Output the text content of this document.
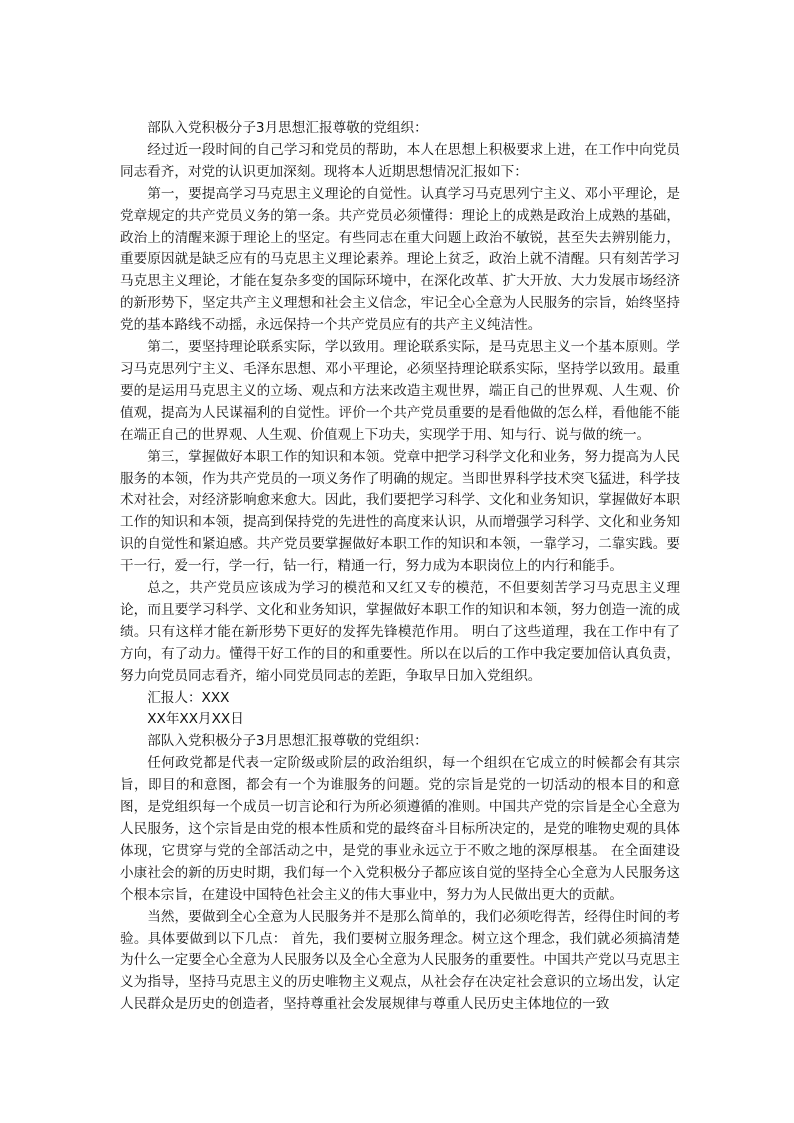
部队入党积极分子3月思想汇报尊敬的党组织：

经过近一段时间的自己学习和党员的帮助，本人在思想上积极要求上进，在工作中向党员同志看齐，对党的认识更加深刻。现将本人近期思想情况汇报如下：

第一，要提高学习马克思主义理论的自觉性。认真学习马克思列宁主义、邓小平理论，是党章规定的共产党员义务的第一条。共产党员必须懂得：理论上的成熟是政治上成熟的基础，政治上的清醒来源于理论上的坚定。有些同志在重大问题上政治不敏锐，甚至失去辨别能力，重要原因就是缺乏应有的马克思主义理论素养。理论上贫乏，政治上就不清醒。只有刻苦学习马克思主义理论，才能在复杂多变的国际环境中，在深化改革、扩大开放、大力发展市场经济的新形势下，坚定共产主义理想和社会主义信念，牢记全心全意为人民服务的宗旨，始终坚持党的基本路线不动摇，永远保持一个共产党员应有的共产主义纯洁性。

第二，要坚持理论联系实际，学以致用。理论联系实际，是马克思主义一个基本原则。学习马克思列宁主义、毛泽东思想、邓小平理论，必须坚持理论联系实际，坚持学以致用。最重要的是运用马克思主义的立场、观点和方法来改造主观世界，端正自己的世界观、人生观、价值观，提高为人民谋福利的自觉性。评价一个共产党员重要的是看他做的怎么样，看他能不能在端正自己的世界观、人生观、价值观上下功夫，实现学于用、知与行、说与做的统一。

第三，掌握做好本职工作的知识和本领。党章中把学习科学文化和业务，努力提高为人民服务的本领，作为共产党员的一项义务作了明确的规定。当即世界科学技术突飞猛进，科学技术对社会，对经济影响愈来愈大。因此，我们要把学习科学、文化和业务知识，掌握做好本职工作的知识和本领，提高到保持党的先进性的高度来认识，从而增强学习科学、文化和业务知识的自觉性和紧迫感。共产党员要掌握做好本职工作的知识和本领，一靠学习，二靠实践。要干一行，爱一行，学一行，钻一行，精通一行，努力成为本职岗位上的内行和能手。

总之，共产党员应该成为学习的模范和又红又专的模范，不但要刻苦学习马克思主义理论，而且要学习科学、文化和业务知识，掌握做好本职工作的知识和本领，努力创造一流的成绩。只有这样才能在新形势下更好的发挥先锋模范作用。 明白了这些道理，我在工作中有了方向，有了动力。懂得干好工作的目的和重要性。所以在以后的工作中我定要加倍认真负责，努力向党员同志看齐，缩小同党员同志的差距，争取早日加入党组织。

汇报人：XXX

XX年XX月XX日

部队入党积极分子3月思想汇报尊敬的党组织：

任何政党都是代表一定阶级或阶层的政治组织，每一个组织在它成立的时候都会有其宗旨，即目的和意图，都会有一个为谁服务的问题。党的宗旨是党的一切活动的根本目的和意图，是党组织每一个成员一切言论和行为所必须遵循的准则。中国共产党的宗旨是全心全意为人民服务，这个宗旨是由党的根本性质和党的最终奋斗目标所决定的，是党的唯物史观的具体体现，它贯穿与党的全部活动之中，是党的事业永远立于不败之地的深厚根基。 在全面建设小康社会的新的历史时期，我们每一个入党积极分子都应该自觉的坚持全心全意为人民服务这个根本宗旨，在建设中国特色社会主义的伟大事业中，努力为人民做出更大的贡献。

当然，要做到全心全意为人民服务并不是那么简单的，我们必须吃得苦，经得住时间的考验。具体要做到以下几点： 首先，我们要树立服务理念。树立这个理念，我们就必须搞清楚为什么一定要全心全意为人民服务以及全心全意为人民服务的重要性。中国共产党以马克思主义为指导，坚持马克思主义的历史唯物主义观点，从社会存在决定社会意识的立场出发，认定人民群众是历史的创造者，坚持尊重社会发展规律与尊重人民历史主体地位的一致
